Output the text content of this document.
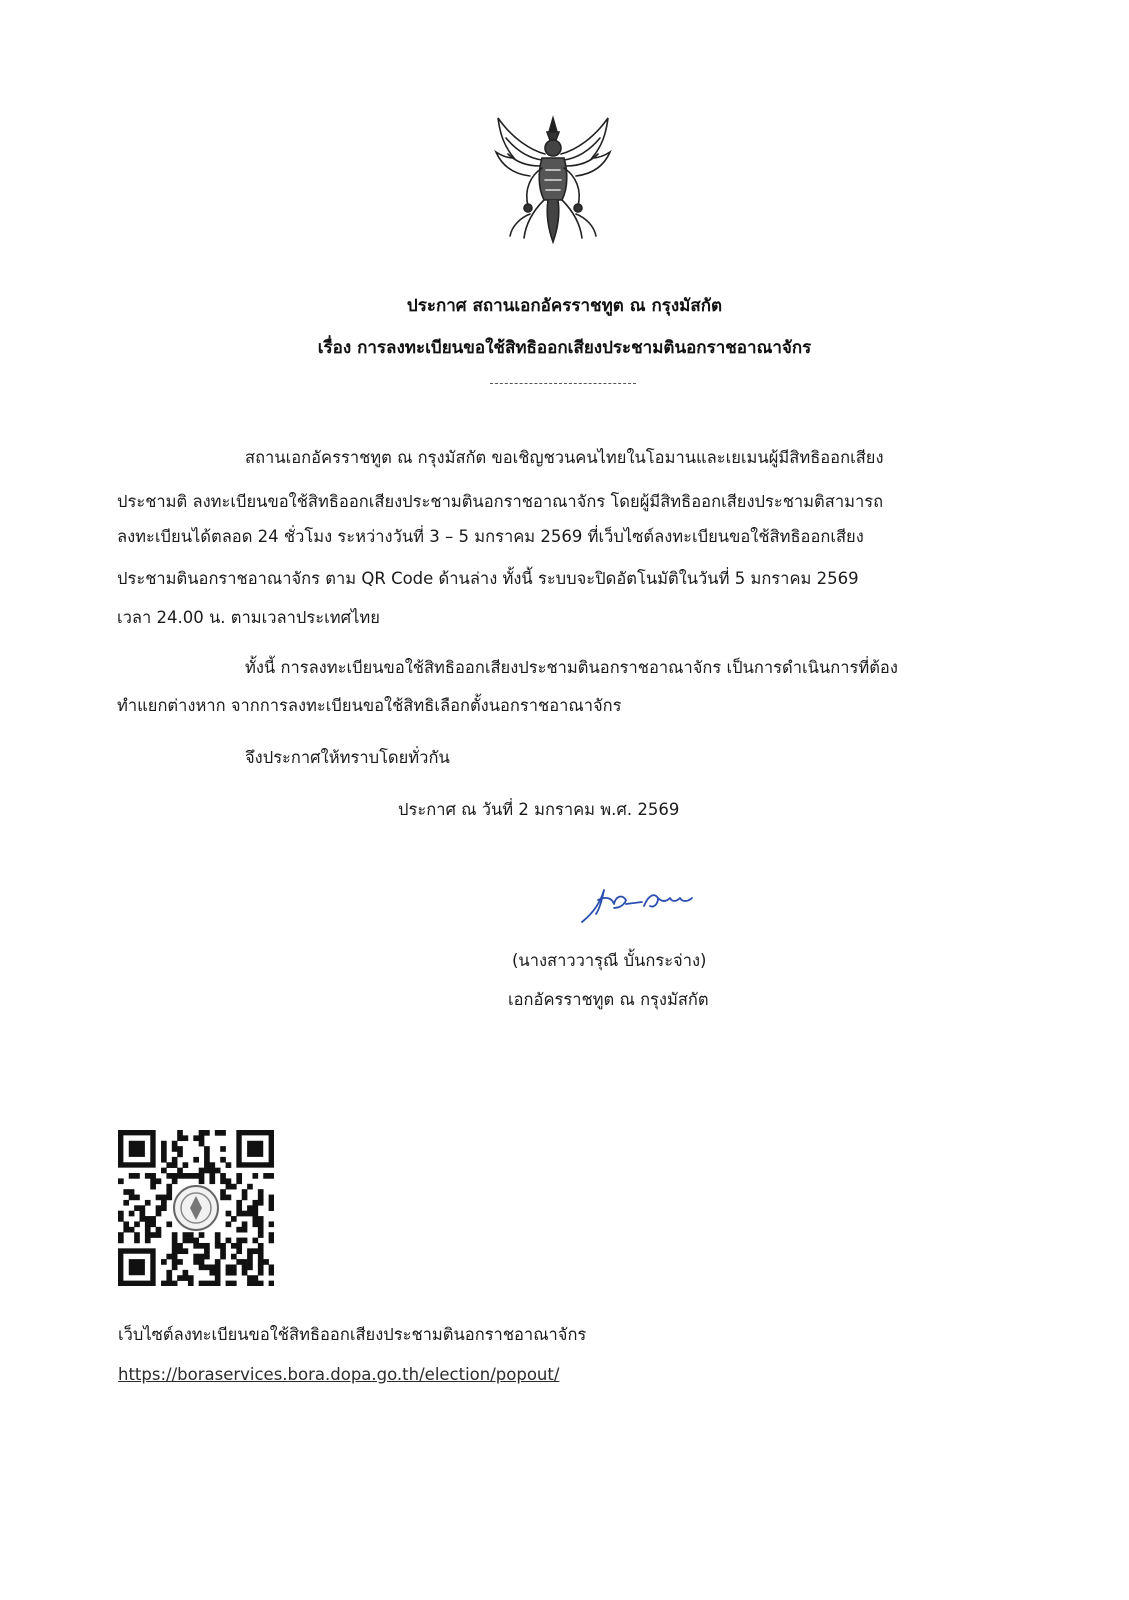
ประกาศ สถานเอกอัครราชทูต ณ กรุงมัสกัต
เรื่อง การลงทะเบียนขอใช้สิทธิออกเสียงประชามตินอกราชอาณาจักร
สถานเอกอัครราชทูต ณ กรุงมัสกัต ขอเชิญชวนคนไทยในโอมานและเยเมนผู้มีสิทธิออกเสียง
ประชามติ ลงทะเบียนขอใช้สิทธิออกเสียงประชามตินอกราชอาณาจักร โดยผู้มีสิทธิออกเสียงประชามติสามารถ
ลงทะเบียนได้ตลอด 24 ชั่วโมง ระหว่างวันที่ 3 – 5 มกราคม 2569 ที่เว็บไซต์ลงทะเบียนขอใช้สิทธิออกเสียง
ประชามตินอกราชอาณาจักร ตาม QR Code ด้านล่าง ทั้งนี้ ระบบจะปิดอัตโนมัติในวันที่ 5 มกราคม 2569
เวลา 24.00 น. ตามเวลาประเทศไทย
ทั้งนี้ การลงทะเบียนขอใช้สิทธิออกเสียงประชามตินอกราชอาณาจักร เป็นการดำเนินการที่ต้อง
ทำแยกต่างหาก จากการลงทะเบียนขอใช้สิทธิเลือกตั้งนอกราชอาณาจักร
จึงประกาศให้ทราบโดยทั่วกัน
ประกาศ ณ วันที่ 2 มกราคม พ.ศ. 2569
(นางสาววารุณี บั้นกระจ่าง)
เอกอัครราชทูต ณ กรุงมัสกัต
เว็บไซต์ลงทะเบียนขอใช้สิทธิออกเสียงประชามตินอกราชอาณาจักร
https://boraservices.bora.dopa.go.th/election/popout/
